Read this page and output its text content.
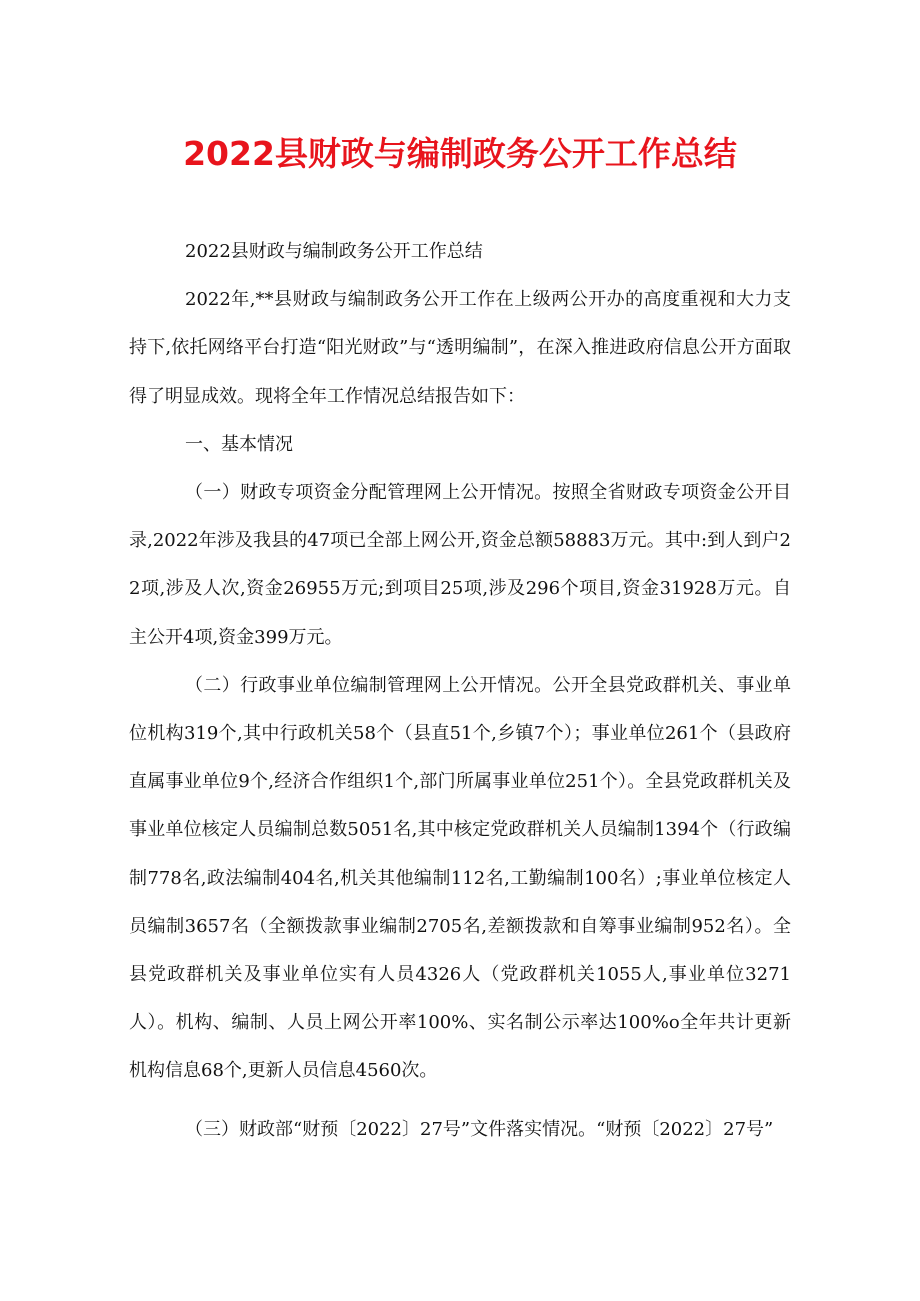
2022县财政与编制政务公开工作总结

2022县财政与编制政务公开工作总结

2022年,**县财政与编制政务公开工作在上级两公开办的高度重视和大力支持下,依托网络平台打造“阳光财政”与“透明编制”，在深入推进政府信息公开方面取得了明显成效。现将全年工作情况总结报告如下：

一、基本情况

（一）财政专项资金分配管理网上公开情况。按照全省财政专项资金公开目录,2022年涉及我县的47项已全部上网公开,资金总额58883万元。其中:到人到户22项,涉及人次,资金26955万元;到项目25项,涉及296个项目,资金31928万元。自主公开4项,资金399万元。

（二）行政事业单位编制管理网上公开情况。公开全县党政群机关、事业单位机构319个,其中行政机关58个（县直51个,乡镇7个）；事业单位261个（县政府直属事业单位9个,经济合作组织1个,部门所属事业单位251个）。全县党政群机关及事业单位核定人员编制总数5051名,其中核定党政群机关人员编制1394个（行政编制778名,政法编制404名,机关其他编制112名,工勤编制100名）;事业单位核定人员编制3657名（全额拨款事业编制2705名,差额拨款和自筹事业编制952名）。全县党政群机关及事业单位实有人员4326人（党政群机关1055人,事业单位3271人）。机构、编制、人员上网公开率100%、实名制公示率达100%o全年共计更新机构信息68个,更新人员信息4560次。

（三）财政部“财预〔2022〕27号”文件落实情况。“财预〔2022〕27号”
